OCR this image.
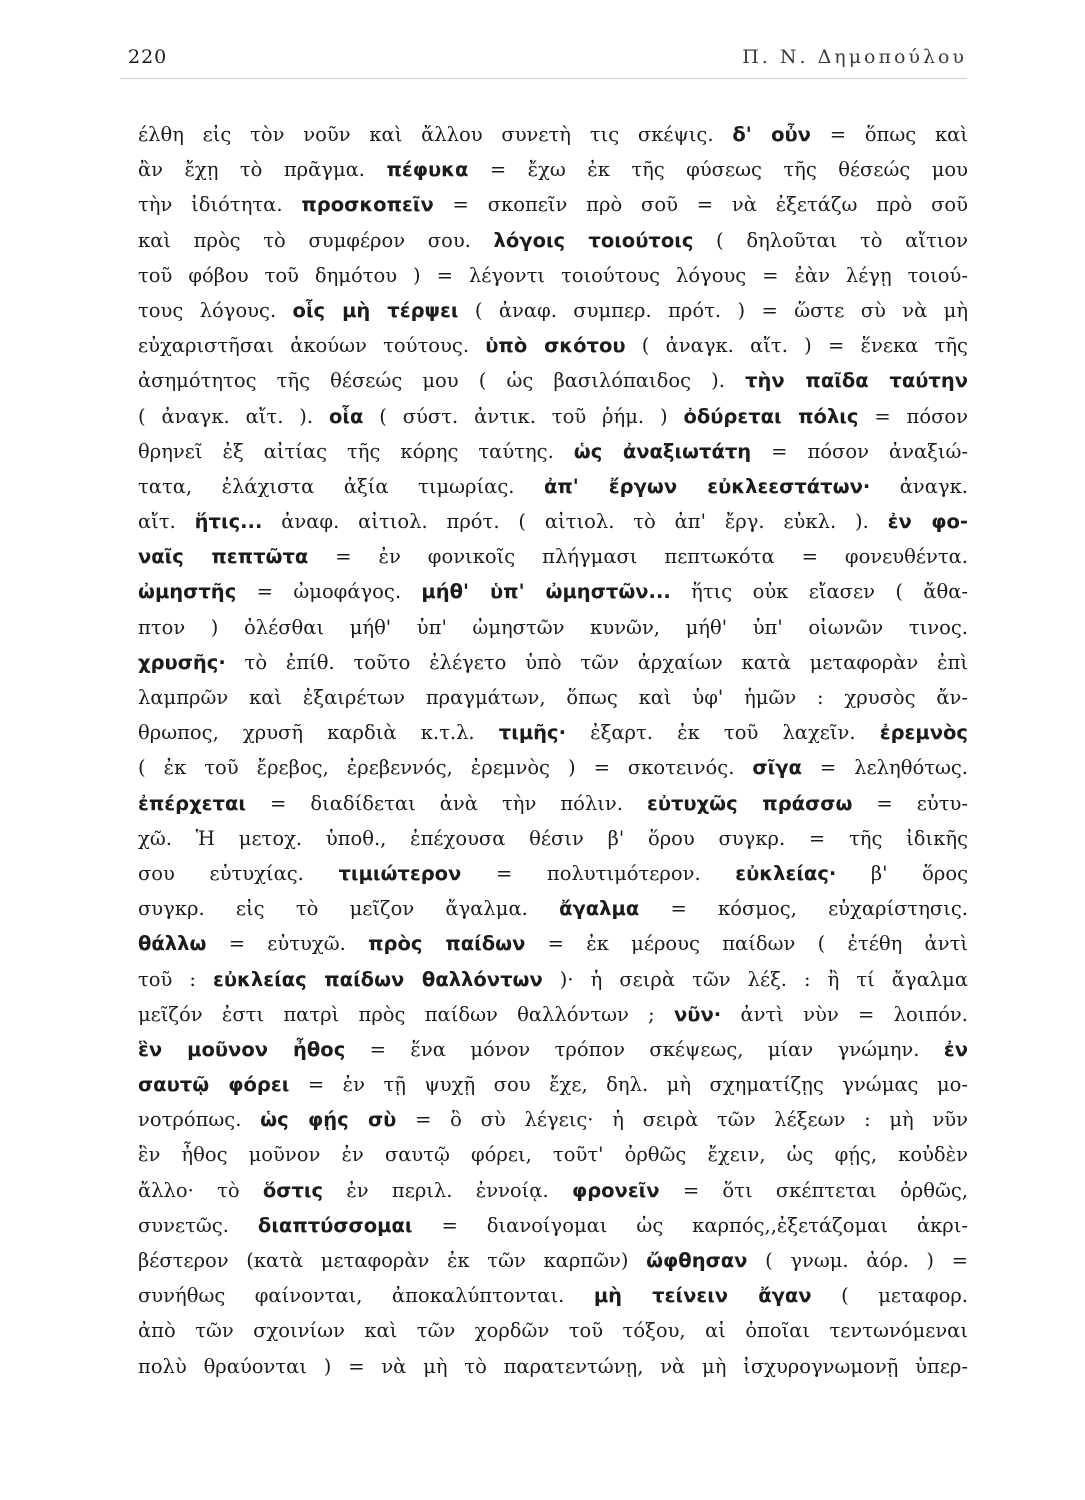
220	Π. Ν. Δημοπούλου
έλθη εἰς τὸν νοῦν καὶ ἄλλου συνετὴ τις σκέψις. δ' οὖν = ὅπως καὶ
ἂν ἔχῃ τὸ πρᾶγμα. πέφυκα = ἔχω ἐκ τῆς φύσεως τῆς θέσεώς μου
τὴν ἰδιότητα. προσκοπεῖν = σκοπεῖν πρὸ σοῦ = νὰ ἐξετάζω πρὸ σοῦ
καὶ πρὸς τὸ συμφέρον σου. λόγοις τοιούτοις ( δηλοῦται τὸ αἴτιον
τοῦ φόβου τοῦ δημότου ) = λέγοντι τοιούτους λόγους = ἐὰν λέγῃ τοιού-
τους λόγους. οἷς μὴ τέρψει ( ἀναφ. συμπερ. πρότ. ) = ὥστε σὺ νὰ μὴ
εὐχαριστῆσαι ἀκούων τούτους. ὑπὸ σκότου ( ἀναγκ. αἴτ. ) = ἕνεκα τῆς
ἀσημότητος τῆς θέσεώς μου ( ὡς βασιλόπαιδος ). τὴν παῖδα ταύτην
( ἀναγκ. αἴτ. ). οἷα ( σύστ. ἀντικ. τοῦ ῥήμ. ) ὀδύρεται πόλις = πόσον
θρηνεῖ ἐξ αἰτίας τῆς κόρης ταύτης. ὡς ἀναξιωτάτη = πόσον ἀναξιώ-
τατα, ἐλάχιστα ἀξία τιμωρίας. ἀπ' ἔργων εὐκλεεστάτων· ἀναγκ.
αἴτ. ἥτις... ἀναφ. αἰτιολ. πρότ. ( αἰτιολ. τὸ ἀπ' ἔργ. εὐκλ. ). ἐν φο-
ναῖς πεπτῶτα = ἐν φονικοῖς πλήγμασι πεπτωκότα = φονευθέντα.
ὠμηστῆς = ὠμοφάγος. μήθ' ὑπ' ὠμηστῶν... ἥτις οὐκ εἴασεν ( ἄθα-
πτον ) ὀλέσθαι μήθ' ὑπ' ὠμηστῶν κυνῶν, μήθ' ὑπ' οἰωνῶν τινος.
χρυσῆς· τὸ ἐπίθ. τοῦτο ἐλέγετο ὑπὸ τῶν ἀρχαίων κατὰ μεταφορὰν ἐπὶ
λαμπρῶν καὶ ἐξαιρέτων πραγμάτων, ὅπως καὶ ὑφ' ἡμῶν : χρυσὸς ἄν-
θρωπος, χρυσῆ καρδιὰ κ.τ.λ. τιμῆς· ἐξαρτ. ἐκ τοῦ λαχεῖν. ἐρεμνὸς
( ἐκ τοῦ ἔρεβος, ἐρεβεννός, ἐρεμνὸς ) = σκοτεινός. σῖγα = λεληθότως.
ἐπέρχεται = διαδίδεται ἀνὰ τὴν πόλιν. εὐτυχῶς πράσσω = εὐτυ-
χῶ. Ἡ μετοχ. ὑποθ., ἐπέχουσα θέσιν β' ὅρου συγκρ. = τῆς ἰδικῆς
σου εὐτυχίας. τιμιώτερον = πολυτιμότερον. εὐκλείας· β' ὅρος
συγκρ. εἰς τὸ μεῖζον ἄγαλμα. ἄγαλμα = κόσμος, εὐχαρίστησις.
θάλλω = εὐτυχῶ. πρὸς παίδων = ἐκ μέρους παίδων ( ἐτέθη ἀντὶ
τοῦ : εὐκλείας παίδων θαλλόντων )· ἡ σειρὰ τῶν λέξ. : ἢ τί ἄγαλμα
μεῖζόν ἐστι πατρὶ πρὸς παίδων θαλλόντων ; νῦν· ἀντὶ νὺν = λοιπόν.
ἓν μοῦνον ἦθος = ἕνα μόνον τρόπον σκέψεως, μίαν γνώμην. ἐν
σαυτῷ φόρει = ἐν τῇ ψυχῇ σου ἔχε, δηλ. μὴ σχηματίζῃς γνώμας μο-
νοτρόπως. ὡς φῄς σὺ = ὃ σὺ λέγεις· ἡ σειρὰ τῶν λέξεων : μὴ νῦν
ἓν ἦθος μοῦνον ἐν σαυτῷ φόρει, τοῦτ' ὀρθῶς ἔχειν, ὡς φῄς, κοὐδὲν
ἄλλο· τὸ ὅστις ἐν περιλ. ἐννοίᾳ. φρονεῖν = ὅτι σκέπτεται ὀρθῶς,
συνετῶς. διαπτύσσομαι = διανοίγομαι ὡς καρπός,,ἐξετάζομαι ἀκρι-
βέστερον (κατὰ μεταφορὰν ἐκ τῶν καρπῶν) ὤφθησαν ( γνωμ. ἀόρ. ) =
συνήθως φαίνονται, ἀποκαλύπτονται. μὴ τείνειν ἄγαν ( μεταφορ.
ἀπὸ τῶν σχοινίων καὶ τῶν χορδῶν τοῦ τόξου, αἱ ὁποῖαι τεντωνόμεναι
πολὺ θραύονται ) = νὰ μὴ τὸ παρατεντώνῃ, νὰ μὴ ἰσχυρογνωμονῇ ὑπερ-
